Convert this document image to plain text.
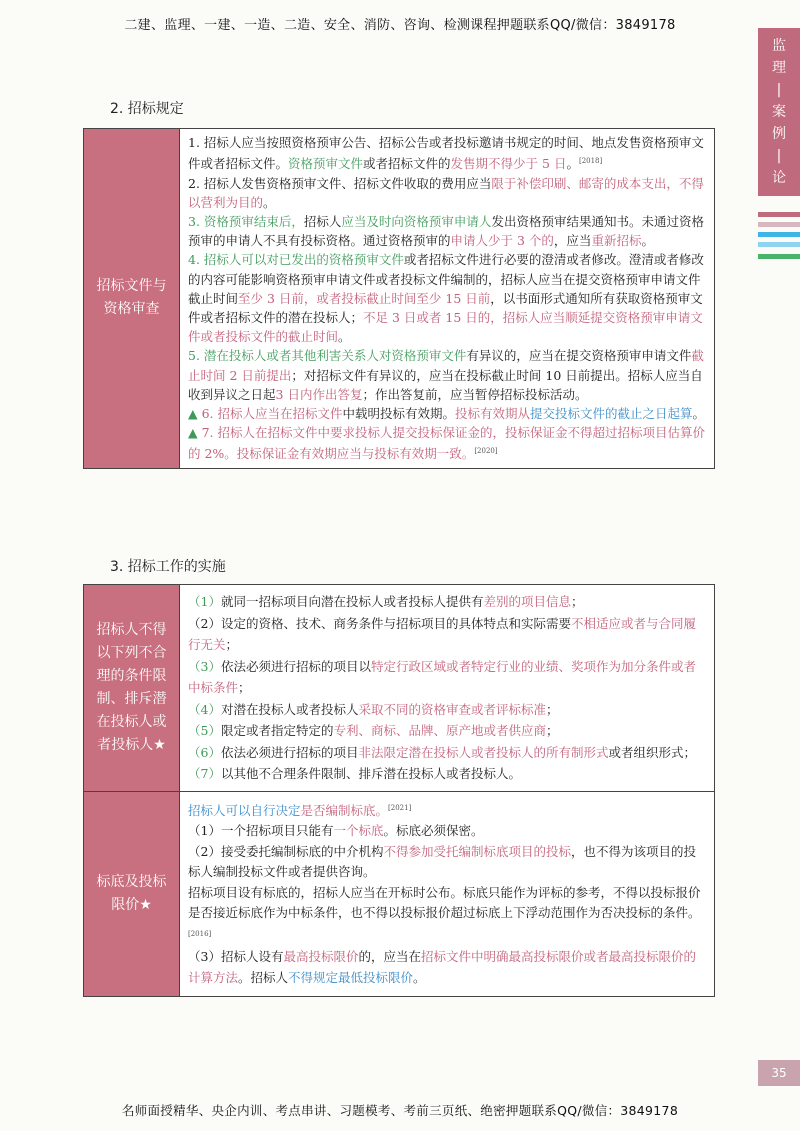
二建、监理、一建、一造、二造、安全、消防、咨询、检测课程押题联系QQ/微信：3849178
监
理
|
案
例
|
论
2. 招标规定
招标文件与资格审查

1. 招标人应当按照资格预审公告、招标公告或者投标邀请书规定的时间、地点发售资格预审文件或者招标文件。资格预审文件或者招标文件的发售期不得少于 5 日。[2018]

2. 招标人发售资格预审文件、招标文件收取的费用应当限于补偿印刷、邮寄的成本支出，不得以营利为目的。

3. 资格预审结束后，招标人应当及时向资格预审申请人发出资格预审结果通知书。未通过资格预审的申请人不具有投标资格。通过资格预审的申请人少于 3 个的，应当重新招标。

4. 招标人可以对已发出的资格预审文件或者招标文件进行必要的澄清或者修改。澄清或者修改的内容可能影响资格预审申请文件或者投标文件编制的，招标人应当在提交资格预审申请文件截止时间至少 3 日前，或者投标截止时间至少 15 日前，以书面形式通知所有获取资格预审文件或者招标文件的潜在投标人；不足 3 日或者 15 日的，招标人应当顺延提交资格预审申请文件或者投标文件的截止时间。

5. 潜在投标人或者其他利害关系人对资格预审文件有异议的，应当在提交资格预审申请文件截止时间 2 日前提出；对招标文件有异议的，应当在投标截止时间 10 日前提出。招标人应当自收到异议之日起3 日内作出答复；作出答复前，应当暂停招标投标活动。

▲ 6. 招标人应当在招标文件中载明投标有效期。投标有效期从提交投标文件的截止之日起算。

▲ 7. 招标人在招标文件中要求投标人提交投标保证金的，投标保证金不得超过招标项目估算价的 2%。投标保证金有效期应当与投标有效期一致。[2020]

3. 招标工作的实施
招标人不得以下列不合理的条件限制、排斥潜在投标人或者投标人★

（1）就同一招标项目向潜在投标人或者投标人提供有差别的项目信息；

（2）设定的资格、技术、商务条件与招标项目的具体特点和实际需要不相适应或者与合同履行无关；

（3）依法必须进行招标的项目以特定行政区域或者特定行业的业绩、奖项作为加分条件或者中标条件；

（4）对潜在投标人或者投标人采取不同的资格审查或者评标标准；

（5）限定或者指定特定的专利、商标、品牌、原产地或者供应商；

（6）依法必须进行招标的项目非法限定潜在投标人或者投标人的所有制形式或者组织形式；

（7）以其他不合理条件限制、排斥潜在投标人或者投标人。

标底及投标限价★

招标人可以自行决定是否编制标底。[2021]

（1）一个招标项目只能有一个标底。标底必须保密。

（2）接受委托编制标底的中介机构不得参加受托编制标底项目的投标，也不得为该项目的投标人编制投标文件或者提供咨询。

招标项目设有标底的，招标人应当在开标时公布。标底只能作为评标的参考，不得以投标报价是否接近标底作为中标条件，也不得以投标报价超过标底上下浮动范围作为否决投标的条件。[2016]

（3）招标人设有最高投标限价的，应当在招标文件中明确最高投标限价或者最高投标限价的计算方法。招标人不得规定最低投标限价。

35
名师面授精华、央企内训、考点串讲、习题模考、考前三页纸、绝密押题联系QQ/微信：3849178
